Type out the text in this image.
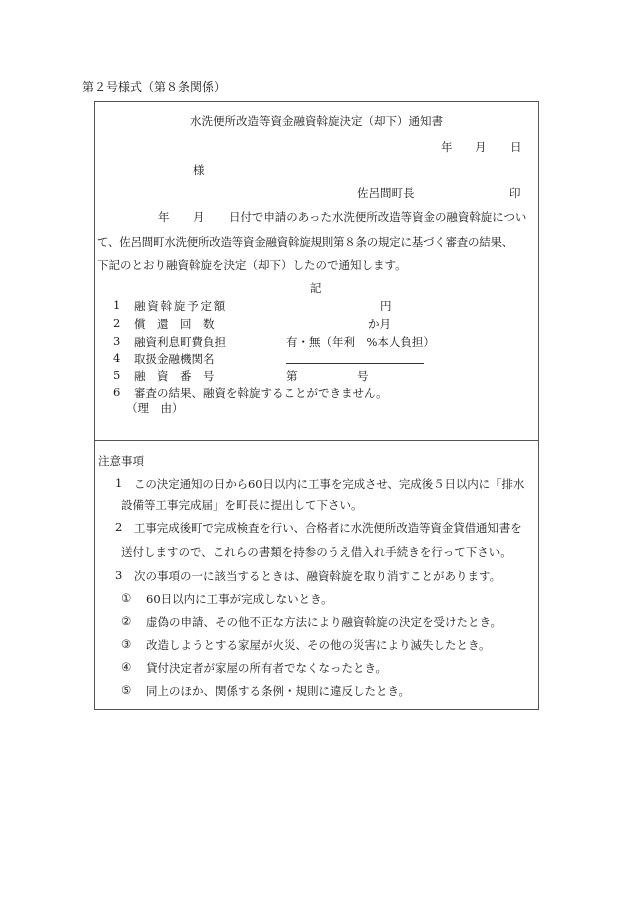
第２号様式（第８条関係）
水洗便所改造等資金融資斡旋決定（却下）通知書
年 月 日
様
佐呂間町長	印
年 月 日付で申請のあった水洗便所改造等資金の融資斡旋につい
て、佐呂間町水洗便所改造等資金融資斡旋規則第８条の規定に基づく審査の結果、
下記のとおり融資斡旋を決定（却下）したので通知します。
記
1 融資斡旋予定額	円
2 償　還　回　数	か月
3 融資利息町費負担	有・無（年利　%本人負担）
4 取扱金融機関名
5 融　資　番　号	第	号
6 審査の結果、融資を斡旋することができません。
（理　由）
注意事項
1 この決定通知の日から60日以内に工事を完成させ、完成後５日以内に「排水
設備等工事完成届」を町長に提出して下さい。
2 工事完成後町で完成検査を行い、合格者に水洗便所改造等資金貸借通知書を
送付しますので、これらの書類を持参のうえ借入れ手続きを行って下さい。
3 次の事項の一に該当するときは、融資斡旋を取り消すことがあります。
① 60日以内に工事が完成しないとき。
② 虚偽の申請、その他不正な方法により融資斡旋の決定を受けたとき。
③ 改造しようとする家屋が火災、その他の災害により滅失したとき。
④ 貸付決定者が家屋の所有者でなくなったとき。
⑤ 同上のほか、関係する条例・規則に違反したとき。
